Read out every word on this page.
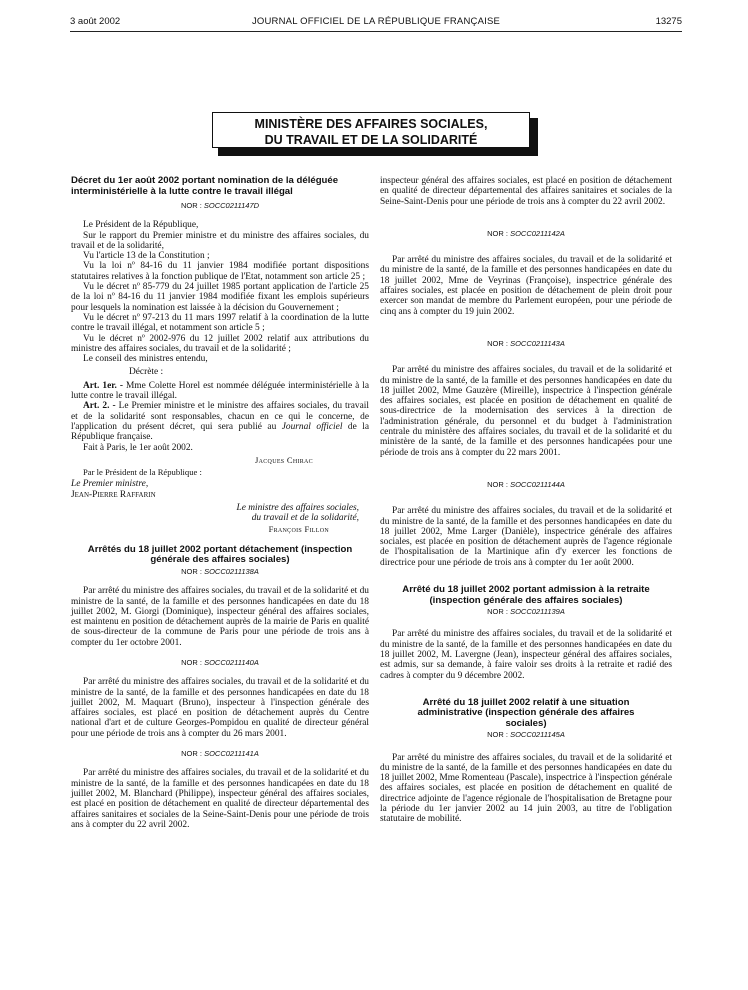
3 août 2002	JOURNAL OFFICIEL DE LA RÉPUBLIQUE FRANÇAISE	13275
MINISTÈRE DES AFFAIRES SOCIALES,
DU TRAVAIL ET DE LA SOLIDARITÉ
Décret du 1er août 2002 portant nomination de la déléguée interministérielle à la lutte contre le travail illégal
NOR : SOCC0211147D

Le Président de la République,

Sur le rapport du Premier ministre et du ministre des affaires sociales, du travail et de la solidarité,

Vu l'article 13 de la Constitution ;

Vu la loi nº 84-16 du 11 janvier 1984 modifiée portant dispositions statutaires relatives à la fonction publique de l'Etat, notamment son article 25 ;

Vu le décret nº 85-779 du 24 juillet 1985 portant application de l'article 25 de la loi nº 84-16 du 11 janvier 1984 modifiée fixant les emplois supérieurs pour lesquels la nomination est laissée à la décision du Gouvernement ;

Vu le décret nº 97-213 du 11 mars 1997 relatif à la coordination de la lutte contre le travail illégal, et notamment son article 5 ;

Vu le décret nº 2002-976 du 12 juillet 2002 relatif aux attributions du ministre des affaires sociales, du travail et de la solidarité ;

Le conseil des ministres entendu,

Décrète :

Art. 1er. - Mme Colette Horel est nommée déléguée interministérielle à la lutte contre le travail illégal.

Art. 2. - Le Premier ministre et le ministre des affaires sociales, du travail et de la solidarité sont responsables, chacun en ce qui le concerne, de l'application du présent décret, qui sera publié au Journal officiel de la République française.

Fait à Paris, le 1er août 2002.

Jacques Chirac
Par le Président de la République :
Le Premier ministre,
Jean-Pierre Raffarin
Le ministre des affaires sociales,
du travail et de la solidarité,
François Fillon
Arrêtés du 18 juillet 2002 portant détachement (inspection générale des affaires sociales)
NOR : SOCC0211138A

Par arrêté du ministre des affaires sociales, du travail et de la solidarité et du ministre de la santé, de la famille et des personnes handicapées en date du 18 juillet 2002, M. Giorgi (Dominique), inspecteur général des affaires sociales, est maintenu en position de détachement auprès de la mairie de Paris en qualité de sous-directeur de la commune de Paris pour une période de trois ans à compter du 1er octobre 2001.

NOR : SOCC0211140A

Par arrêté du ministre des affaires sociales, du travail et de la solidarité et du ministre de la santé, de la famille et des personnes handicapées en date du 18 juillet 2002, M. Maquart (Bruno), inspecteur à l'inspection générale des affaires sociales, est placé en position de détachement auprès du Centre national d'art et de culture Georges-Pompidou en qualité de directeur général pour une période de trois ans à compter du 26 mars 2001.

NOR : SOCC0211141A

Par arrêté du ministre des affaires sociales, du travail et de la solidarité et du ministre de la santé, de la famille et des personnes handicapées en date du 18 juillet 2002, M. Blanchard (Philippe), inspecteur général des affaires sociales, est placé en position de détachement en qualité de directeur départemental des affaires sanitaires et sociales de la Seine-Saint-Denis pour une période de trois ans à compter du 22 avril 2002.

inspecteur général des affaires sociales, est placé en position de détachement en qualité de directeur départemental des affaires sanitaires et sociales de la Seine-Saint-Denis pour une période de trois ans à compter du 22 avril 2002.

NOR : SOCC0211142A

Par arrêté du ministre des affaires sociales, du travail et de la solidarité et du ministre de la santé, de la famille et des personnes handicapées en date du 18 juillet 2002, Mme de Veyrinas (Françoise), inspectrice générale des affaires sociales, est placée en position de détachement de plein droit pour exercer son mandat de membre du Parlement européen, pour une période de cinq ans à compter du 19 juin 2002.

NOR : SOCC0211143A

Par arrêté du ministre des affaires sociales, du travail et de la solidarité et du ministre de la santé, de la famille et des personnes handicapées en date du 18 juillet 2002, Mme Gauzère (Mireille), inspectrice à l'inspection générale des affaires sociales, est placée en position de détachement en qualité de sous-directrice de la modernisation des services à la direction de l'administration générale, du personnel et du budget à l'administration centrale du ministère des affaires sociales, du travail et de la solidarité et du ministère de la santé, de la famille et des personnes handicapées pour une période de trois ans à compter du 22 mars 2001.

NOR : SOCC0211144A

Par arrêté du ministre des affaires sociales, du travail et de la solidarité et du ministre de la santé, de la famille et des personnes handicapées en date du 18 juillet 2002, Mme Larger (Danièle), inspectrice générale des affaires sociales, est placée en position de détachement auprès de l'agence régionale de l'hospitalisation de la Martinique afin d'y exercer les fonctions de directrice pour une période de trois ans à compter du 1er août 2000.

Arrêté du 18 juillet 2002 portant admission à la retraite (inspection générale des affaires sociales)
NOR : SOCC0211139A

Par arrêté du ministre des affaires sociales, du travail et de la solidarité et du ministre de la santé, de la famille et des personnes handicapées en date du 18 juillet 2002, M. Lavergne (Jean), inspecteur général des affaires sociales, est admis, sur sa demande, à faire valoir ses droits à la retraite et radié des cadres à compter du 9 décembre 2002.

Arrêté du 18 juillet 2002 relatif à une situation administrative (inspection générale des affaires sociales)
NOR : SOCC0211145A

Par arrêté du ministre des affaires sociales, du travail et de la solidarité et du ministre de la santé, de la famille et des personnes handicapées en date du 18 juillet 2002, Mme Romenteau (Pascale), inspectrice à l'inspection générale des affaires sociales, est placée en position de détachement en qualité de directrice adjointe de l'agence régionale de l'hospitalisation de Bretagne pour la période du 1er janvier 2002 au 14 juin 2003, au titre de l'obligation statutaire de mobilité.
